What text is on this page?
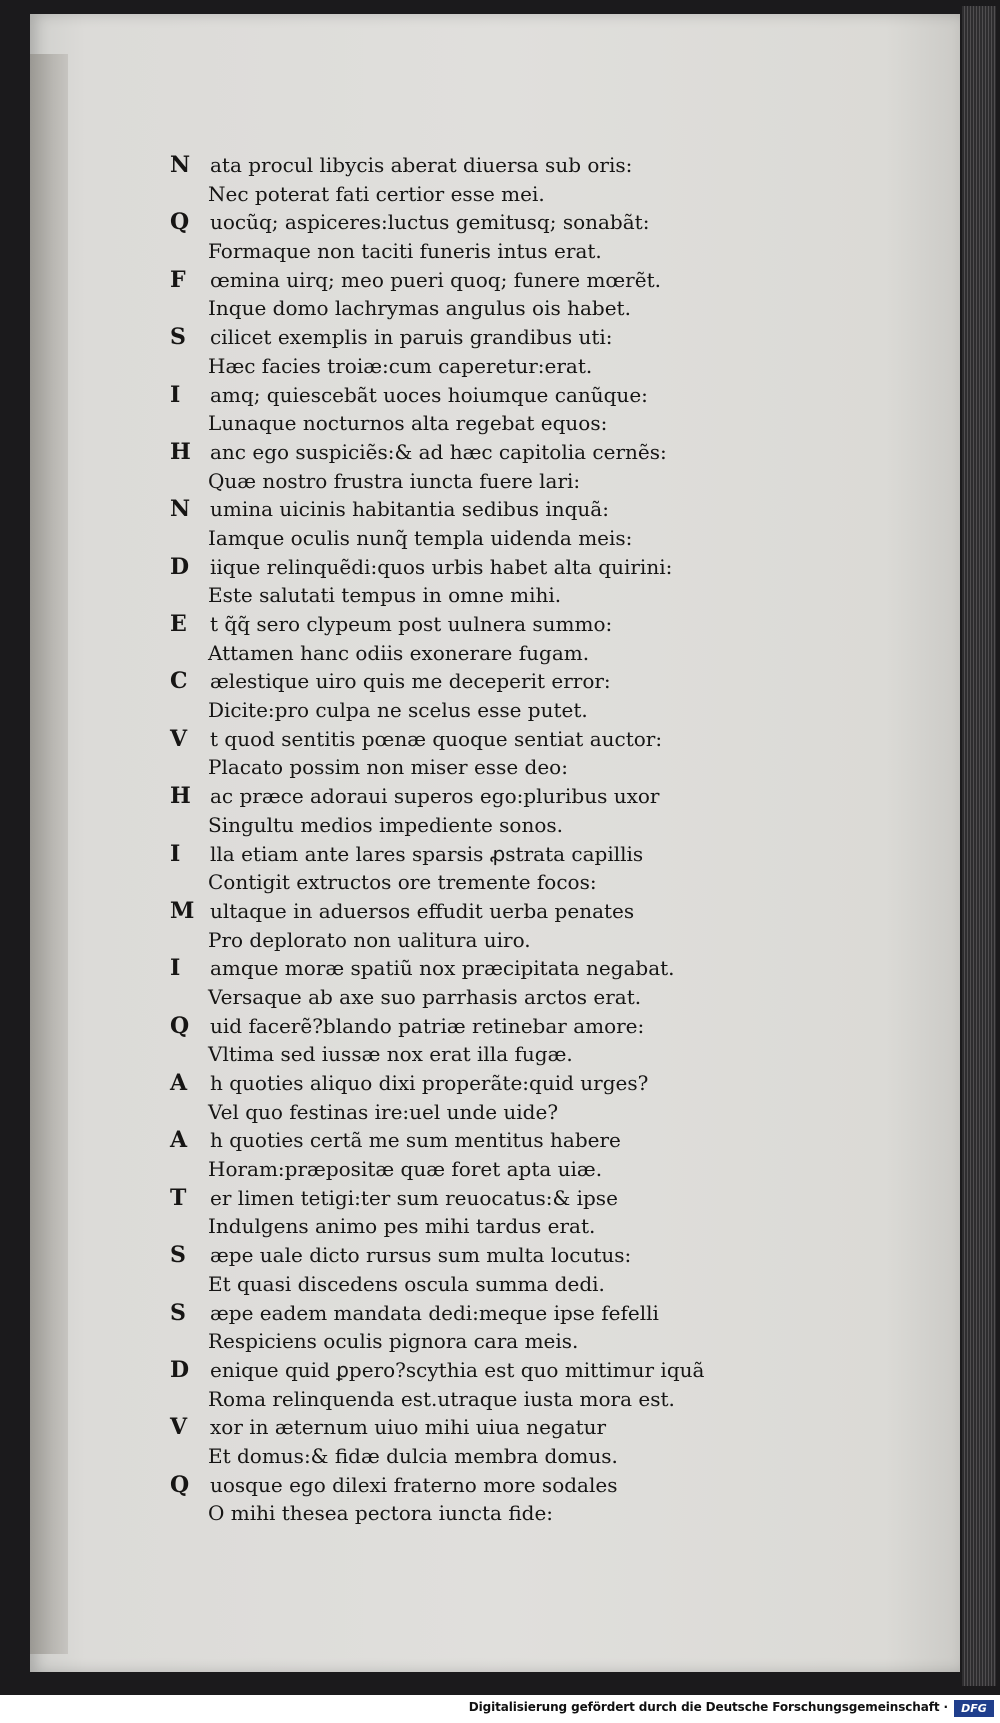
N ata procul libycis aberat diuersa sub oris:
Nec poterat fati certior esse mei.
Q uocũq; aspiceres:luctus gemitusq; sonabãt:
Formaque non taciti funeris intus erat.
F œmina uirq; meo pueri quoq; funere mœrẽt.
Inque domo lachrymas angulus ois habet.
S cilicet exemplis in paruis grandibus uti:
Hæc facies troiæ:cum caperetur:erat.
I amq; quiescebãt uoces hoiumque canũque:
Lunaque nocturnos alta regebat equos:
H anc ego suspiciẽs:& ad hæc capitolia cernẽs:
Quæ nostro frustra iuncta fuere lari:
N umina uicinis habitantia sedibus inquã:
Iamque oculis nunq̃ templa uidenda meis:
D iique relinquẽdi:quos urbis habet alta quirini:
Este salutati tempus in omne mihi.
E t q̃q̃ sero clypeum post uulnera summo:
Attamen hanc odiis exonerare fugam.
C ælestique uiro quis me deceperit error:
Dicite:pro culpa ne scelus esse putet.
V t quod sentitis pœnæ quoque sentiat auctor:
Placato possim non miser esse deo:
H ac præce adoraui superos ego:pluribus uxor
Singultu medios impediente sonos.
I lla etiam ante lares sparsis ꝓstrata capillis
Contigit extructos ore tremente focos:
M ultaque in aduersos effudit uerba penates
Pro deplorato non ualitura uiro.
I amque moræ spatiũ nox præcipitata negabat.
Versaque ab axe suo parrhasis arctos erat.
Q uid facerẽ?blando patriæ retinebar amore:
Vltima sed iussæ nox erat illa fugæ.
A h quoties aliquo dixi properãte:quid urges?
Vel quo festinas ire:uel unde uide?
A h quoties certã me sum mentitus habere
Horam:præpositæ quæ foret apta uiæ.
T er limen tetigi:ter sum reuocatus:& ipse
Indulgens animo pes mihi tardus erat.
S æpe uale dicto rursus sum multa locutus:
Et quasi discedens oscula summa dedi.
S æpe eadem mandata dedi:meque ipse fefelli
Respiciens oculis pignora cara meis.
D enique quid ꝑpero?scythia est quo mittimur iquã
Roma relinquenda est.utraque iusta mora est.
V xor in æternum uiuo mihi uiua negatur
Et domus:& fidæ dulcia membra domus.
Q uosque ego dilexi fraterno more sodales
O mihi thesea pectora iuncta fide:
Digitalisierung gefördert durch die Deutsche Forschungsgemeinschaft ·	DFG
